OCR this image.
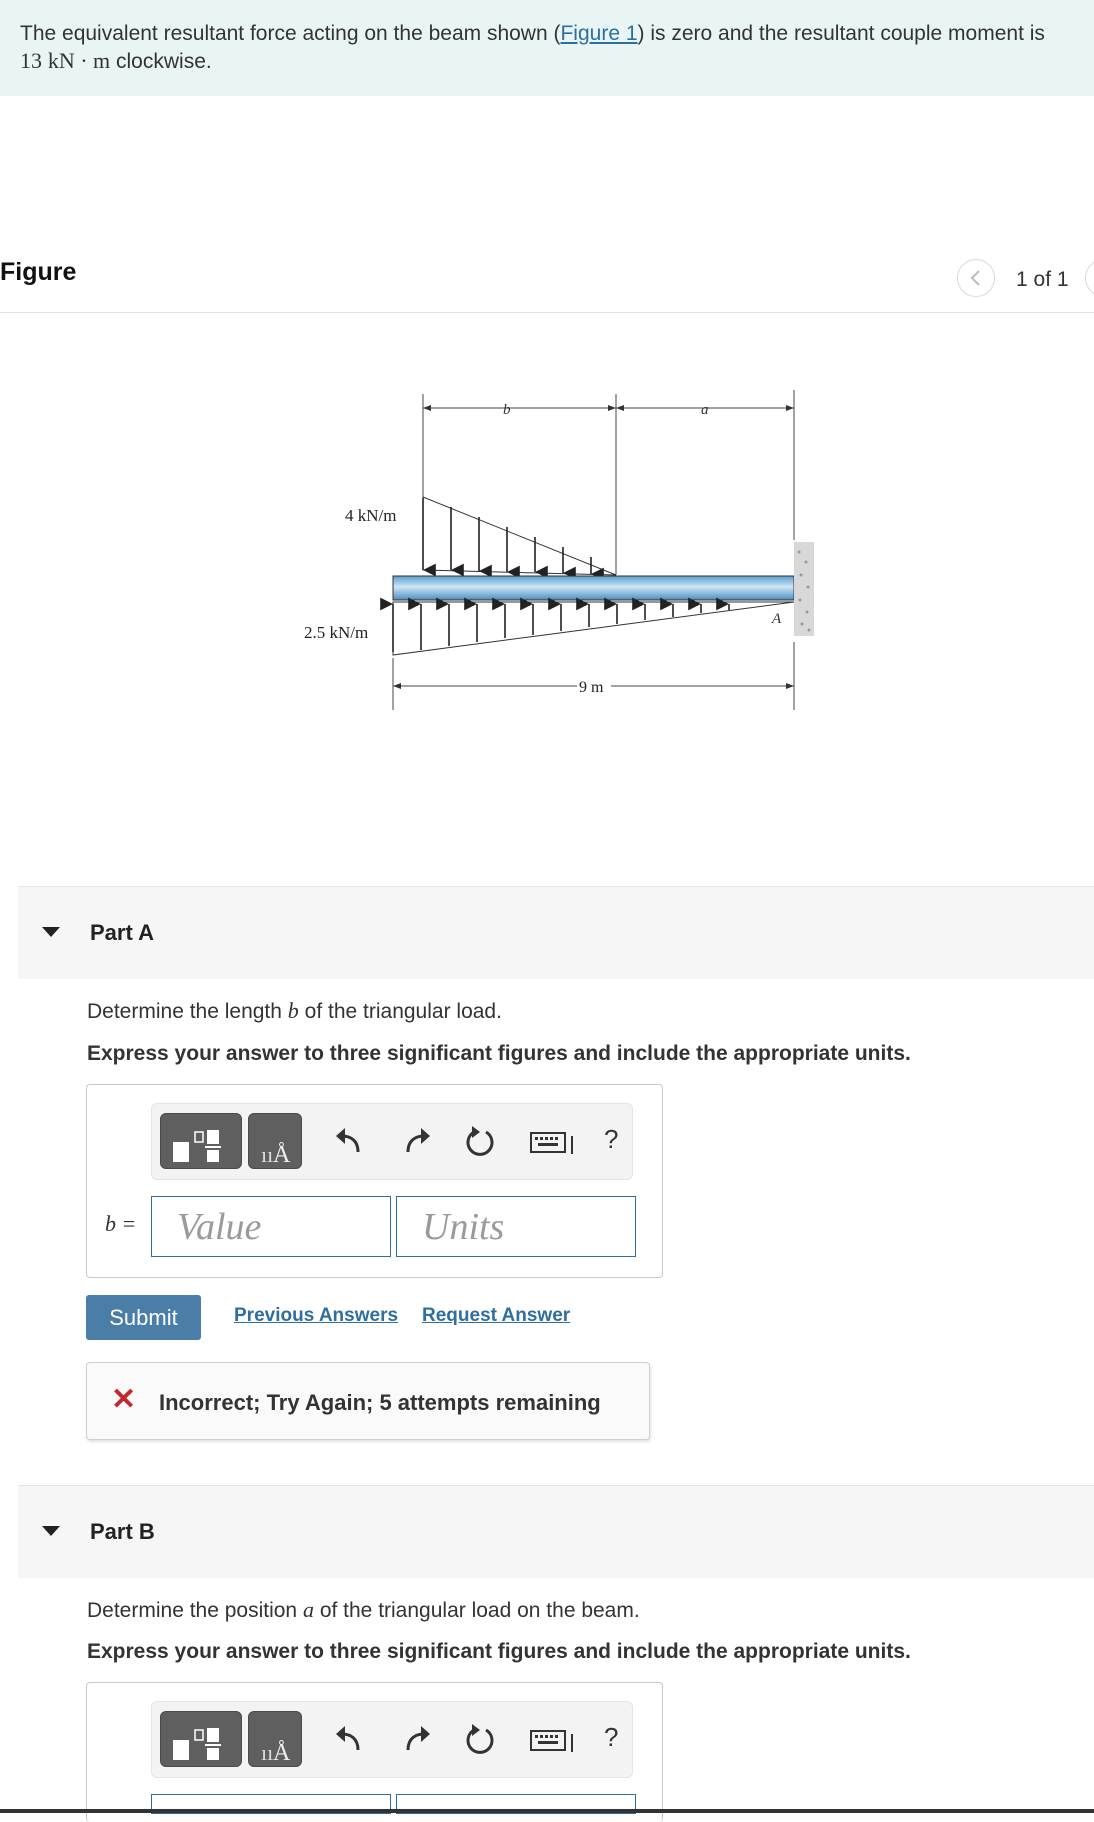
The equivalent resultant force acting on the beam shown (Figure 1) is zero and the resultant couple moment is
13 kN · m clockwise.
Figure	1 of 1
b	a
4 kN/m
A
2.5 kN/m
9 m
Part A
Determine the length b of the triangular load.
Express your answer to three significant figures and include the appropriate units.
ıı Å
?
b =	Value	Units
Submit	Previous Answers Request Answer
✕ Incorrect; Try Again; 5 attempts remaining
Part B
Determine the position a of the triangular load on the beam.
Express your answer to three significant figures and include the appropriate units.
ıı Å
?
